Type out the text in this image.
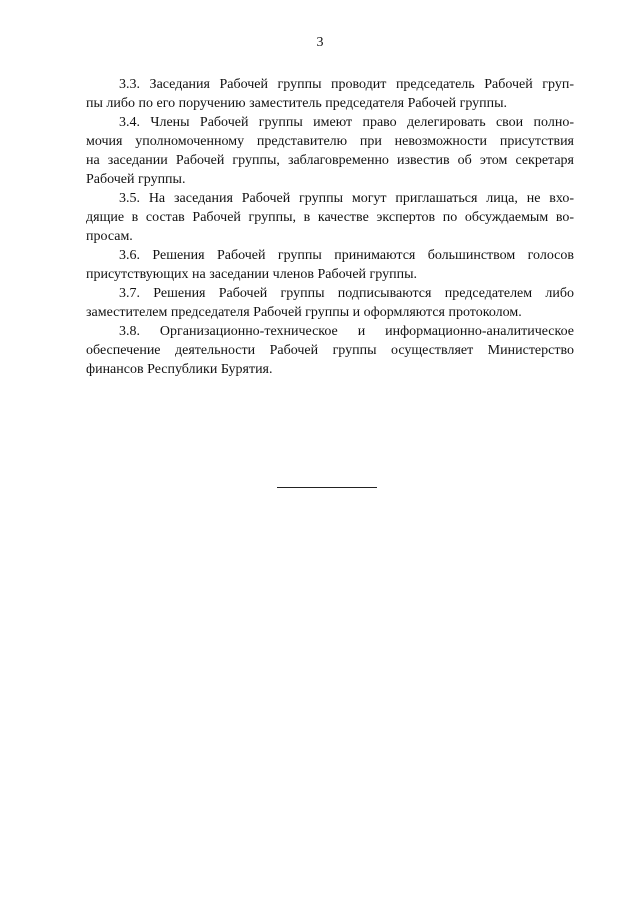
3

3.3. Заседания Рабочей группы проводит председатель Рабочей груп-
пы либо по его поручению заместитель председателя Рабочей группы.

3.4. Члены Рабочей группы имеют право делегировать свои полно-
мочия уполномоченному представителю при невозможности присутствия
на заседании Рабочей группы, заблаговременно известив об этом секретаря
Рабочей группы.

3.5. На заседания Рабочей группы могут приглашаться лица, не вхо-
дящие в состав Рабочей группы, в качестве экспертов по обсуждаемым во-
просам.

3.6. Решения Рабочей группы принимаются большинством голосов
присутствующих на заседании членов Рабочей группы.

3.7. Решения Рабочей группы подписываются председателем либо
заместителем председателя Рабочей группы и оформляются протоколом.

3.8. Организационно-техническое и информационно-аналитическое
обеспечение деятельности Рабочей группы осуществляет Министерство
финансов Республики Бурятия.
